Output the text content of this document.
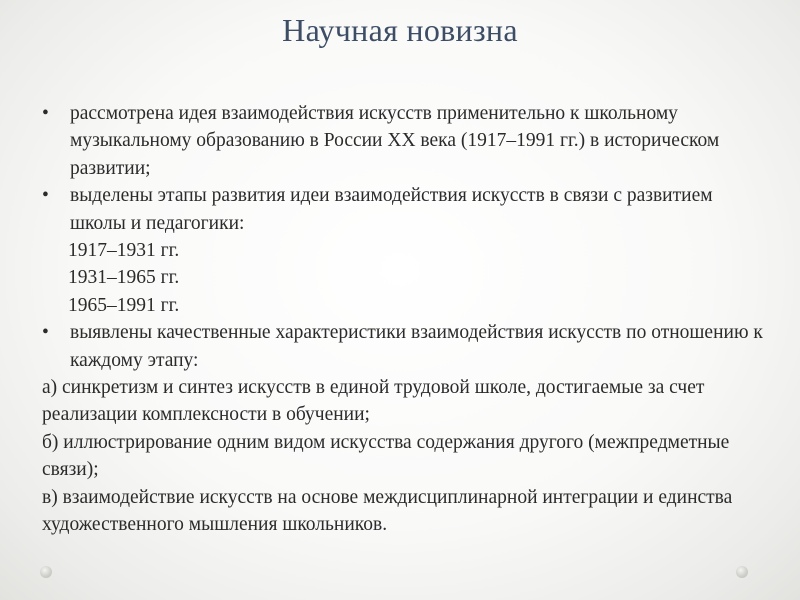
Научная новизна
•	рассмотрена идея взаимодействия искусств применительно к школьному музыкальному образованию в России XX века (1917–1991 гг.) в историческом развитии;
•	выделены этапы развития идеи взаимодействия искусств в связи с развитием школы и педагогики:
1917–1931 гг.
1931–1965 гг.
1965–1991 гг.
•	выявлены качественные характеристики взаимодействия искусств по отношению к каждому этапу:
а) синкретизм и синтез искусств в единой трудовой школе, достигаемые за счет реализации комплексности в обучении;
б) иллюстрирование одним видом искусства содержания другого (межпредметные связи);
в) взаимодействие искусств на основе междисциплинарной интеграции и единства художественного мышления школьников.
